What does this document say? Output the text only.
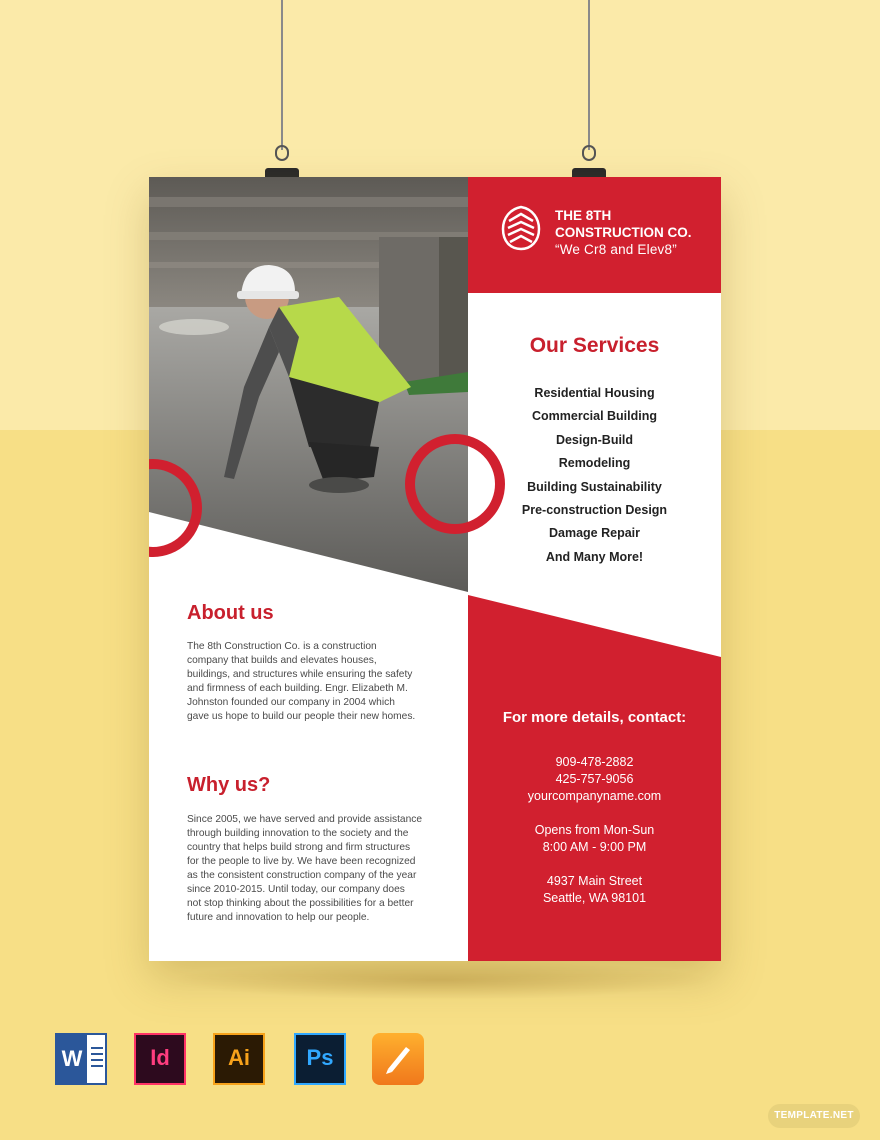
THE 8TH
CONSTRUCTION CO.
“We Cr8 and Elev8”
Our Services
Residential Housing
Commercial Building
Design-Build
Remodeling
Building Sustainability
Pre-construction Design
Damage Repair
And Many More!
About us
The 8th Construction Co. is a construction
company that builds and elevates houses,
buildings, and structures while ensuring the safety
and firmness of each building. Engr. Elizabeth M.
Johnston founded our company in 2004 which
gave us hope to build our people their new homes.
Why us?
Since 2005, we have served and provide assistance
through building innovation to the society and the
country that helps build strong and firm structures
for the people to live by. We have been recognized
as the consistent construction company of the year
since 2010-2015. Until today, our company does
not stop thinking about the possibilities for a better
future and innovation to help our people.
For more details, contact:
909-478-2882
425-757-9056
yourcompanyname.com
Opens from Mon-Sun
8:00 AM - 9:00 PM
4937 Main Street
Seattle, WA 98101
W	Id	Ai	Ps
TEMPLATE.NET
